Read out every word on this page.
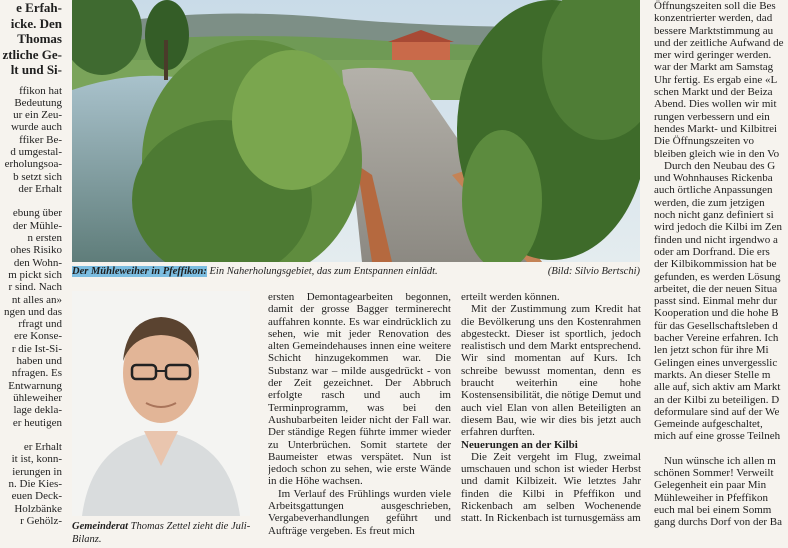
e Erfah-
icke. Den
Thomas
ztliche Ge-
lt und Si-
ffikon hat
Bedeutung
ur ein Zeu-
wurde auch
ffiker Be-
d umgestal-
erholungsoa-
b setzt sich
der Erhalt
ebung über
der Mühle-
n ersten
ohes Risiko
den Wohn-
m pickt sich
r sind. Nach
nt alles an»
ngen und das
rfragt und
ere Konse-
r die Ist-Si-
haben und
nfragen. Es
Entwarnung
ühleweiher
lage dekla-
er heutigen
er Erhalt
it ist, konn-
ierungen in
n. Die Kies-
euen Deck-
Holzbänke
r Gehölz-
Der Mühleweiher in Pfeffikon: Ein Naherholungsgebiet, das zum Entspannen einlädt.	(Bild: Silvio Bertschi)
Gemeinderat Thomas Zettel zieht die Juli-Bilanz.

ersten Demontagearbeiten begonnen, damit der grosse Bagger terminerecht auffahren konnte. Es war eindrücklich zu sehen, wie mit jeder Renovation des alten Gemeindehauses innen eine weitere Schicht hinzugekommen war. Die Substanz war – milde ausgedrückt - von der Zeit gezeichnet. Der Abbruch erfolgte rasch und auch im Terminprogramm, was bei den Aushubarbeiten leider nicht der Fall war. Der ständige Regen führte immer wieder zu Unterbrüchen. Somit startete der Baumeister etwas verspätet. Nun ist jedoch schon zu sehen, wie erste Wände in die Höhe wachsen.

Im Verlauf des Frühlings wurden viele Arbeitsgattungen ausgeschrieben, Vergabeverhandlungen geführt und Aufträge vergeben. Es freut mich

erteilt werden können.

Mit der Zustimmung zum Kredit hat die Bevölkerung uns den Kostenrahmen abgesteckt. Dieser ist sportlich, jedoch realistisch und dem Markt entsprechend. Wir sind momentan auf Kurs. Ich schreibe bewusst momentan, denn es braucht weiterhin eine hohe Kostensensibilität, die nötige Demut und auch viel Elan von allen Beteiligten an diesem Bau, wie wir dies bis jetzt auch erfahren durften.

Neuerungen an der Kilbi

Die Zeit vergeht im Flug, zweimal umschauen und schon ist wieder Herbst und damit Kilbizeit. Wie letztes Jahr finden die Kilbi in Pfeffikon und Rickenbach am selben Wochenende statt. In Rickenbach ist turnusgemäss am

Öffnungszeiten soll die Bes
konzentrierter werden, dad
bessere Marktstimmung au
und der zeitliche Aufwand de
mer wird geringer werden.
war der Markt am Samstag
Uhr fertig. Es ergab eine «L
schen Markt und der Beiza
Abend. Dies wollen wir mit
rungen verbessern und ein
hendes Markt- und Kilbitrei
Die Öffnungszeiten vo
bleiben gleich wie in den Vo
Durch den Neubau des G
und Wohnhauses Rickenba
auch örtliche Anpassungen
werden, die zum jetzigen
noch nicht ganz definiert si
wird jedoch die Kilbi im Zen
finden und nicht irgendwo a
oder am Dorfrand. Die ers
der Kilbikommission hat be
gefunden, es werden Lösung
arbeitet, die der neuen Situa
passt sind. Einmal mehr dur
Kooperation und die hohe B
für das Gesellschaftsleben d
bacher Vereine erfahren. Ich
len jetzt schon für ihre Mi
Gelingen eines unvergesslic
markts. An dieser Stelle m
alle auf, sich aktiv am Markt
an der Kilbi zu beteiligen. D
deformulare sind auf der We
Gemeinde aufgeschaltet,
mich auf eine grosse Teilneh
Nun wünsche ich allen m
schönen Sommer! Verweilt
Gelegenheit ein paar Min
Mühleweiher in Pfeffikon
euch mal bei einem Somm
gang durchs Dorf von der Ba
